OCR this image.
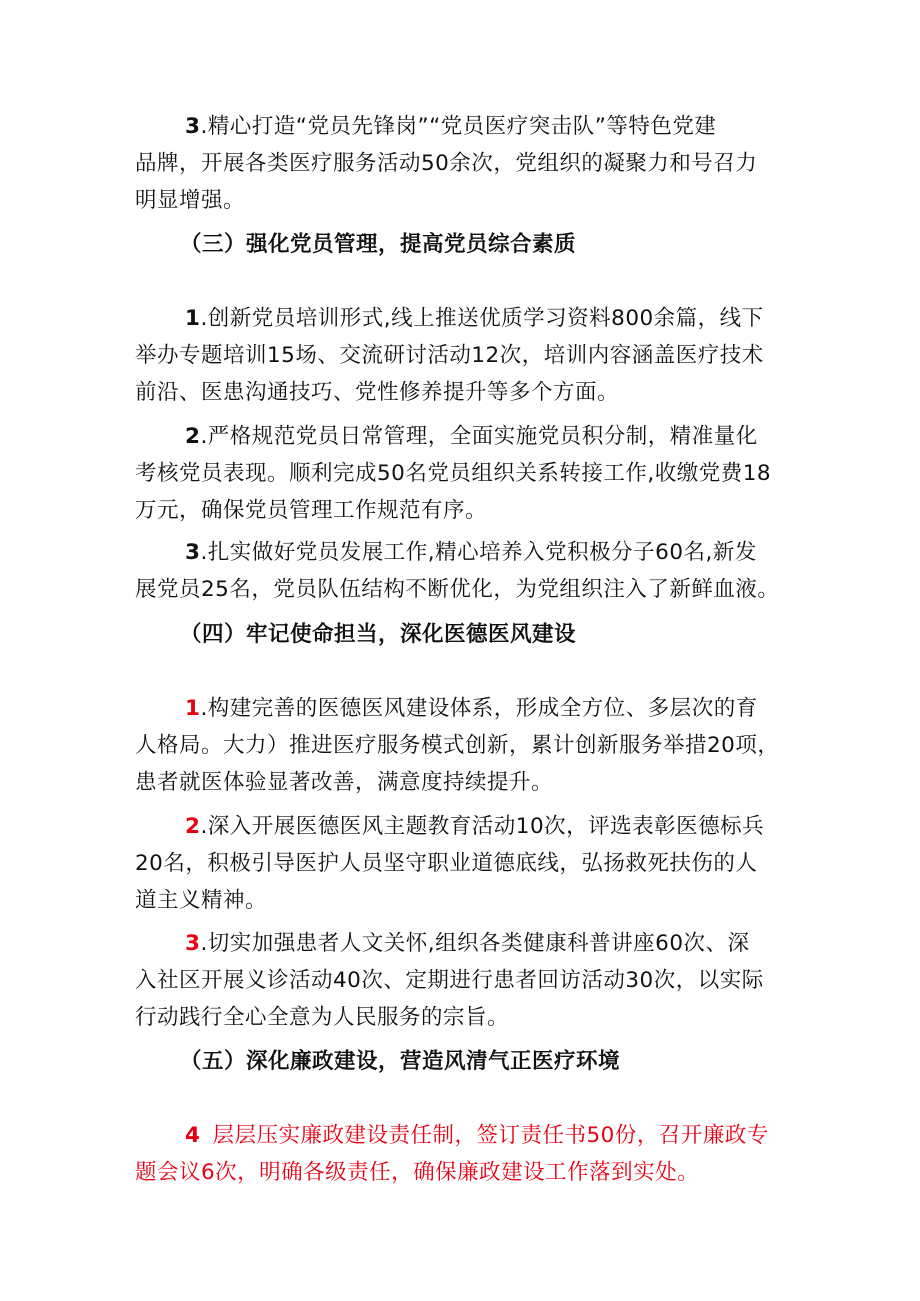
3.精心打造“党员先锋岗”“党员医疗突击队”等特色党建
品牌，开展各类医疗服务活动50余次，党组织的凝聚力和号召力
明显增强。

（三）强化党员管理，提高党员综合素质

1.创新党员培训形式,线上推送优质学习资料800余篇，线下
举办专题培训15场、交流研讨活动12次，培训内容涵盖医疗技术
前沿、医患沟通技巧、党性修养提升等多个方面。
2.严格规范党员日常管理，全面实施党员积分制，精准量化
考核党员表现。顺利完成50名党员组织关系转接工作,收缴党费18
万元，确保党员管理工作规范有序。
3.扎实做好党员发展工作,精心培养入党积极分子60名,新发
展党员25名，党员队伍结构不断优化，为党组织注入了新鲜血液。

（四）牢记使命担当，深化医德医风建设

1.构建完善的医德医风建设体系，形成全方位、多层次的育
人格局。大力）推进医疗服务模式创新，累计创新服务举措20项，
患者就医体验显著改善，满意度持续提升。
2.深入开展医德医风主题教育活动10次，评选表彰医德标兵
20名，积极引导医护人员坚守职业道德底线，弘扬救死扶伤的人
道主义精神。
3.切实加强患者人文关怀,组织各类健康科普讲座60次、深
入社区开展义诊活动40次、定期进行患者回访活动30次，以实际
行动践行全心全意为人民服务的宗旨。

（五）深化廉政建设，营造风清气正医疗环境

4 层层压实廉政建设责任制，签订责任书50份，召开廉政专
题会议6次，明确各级责任，确保廉政建设工作落到实处。
